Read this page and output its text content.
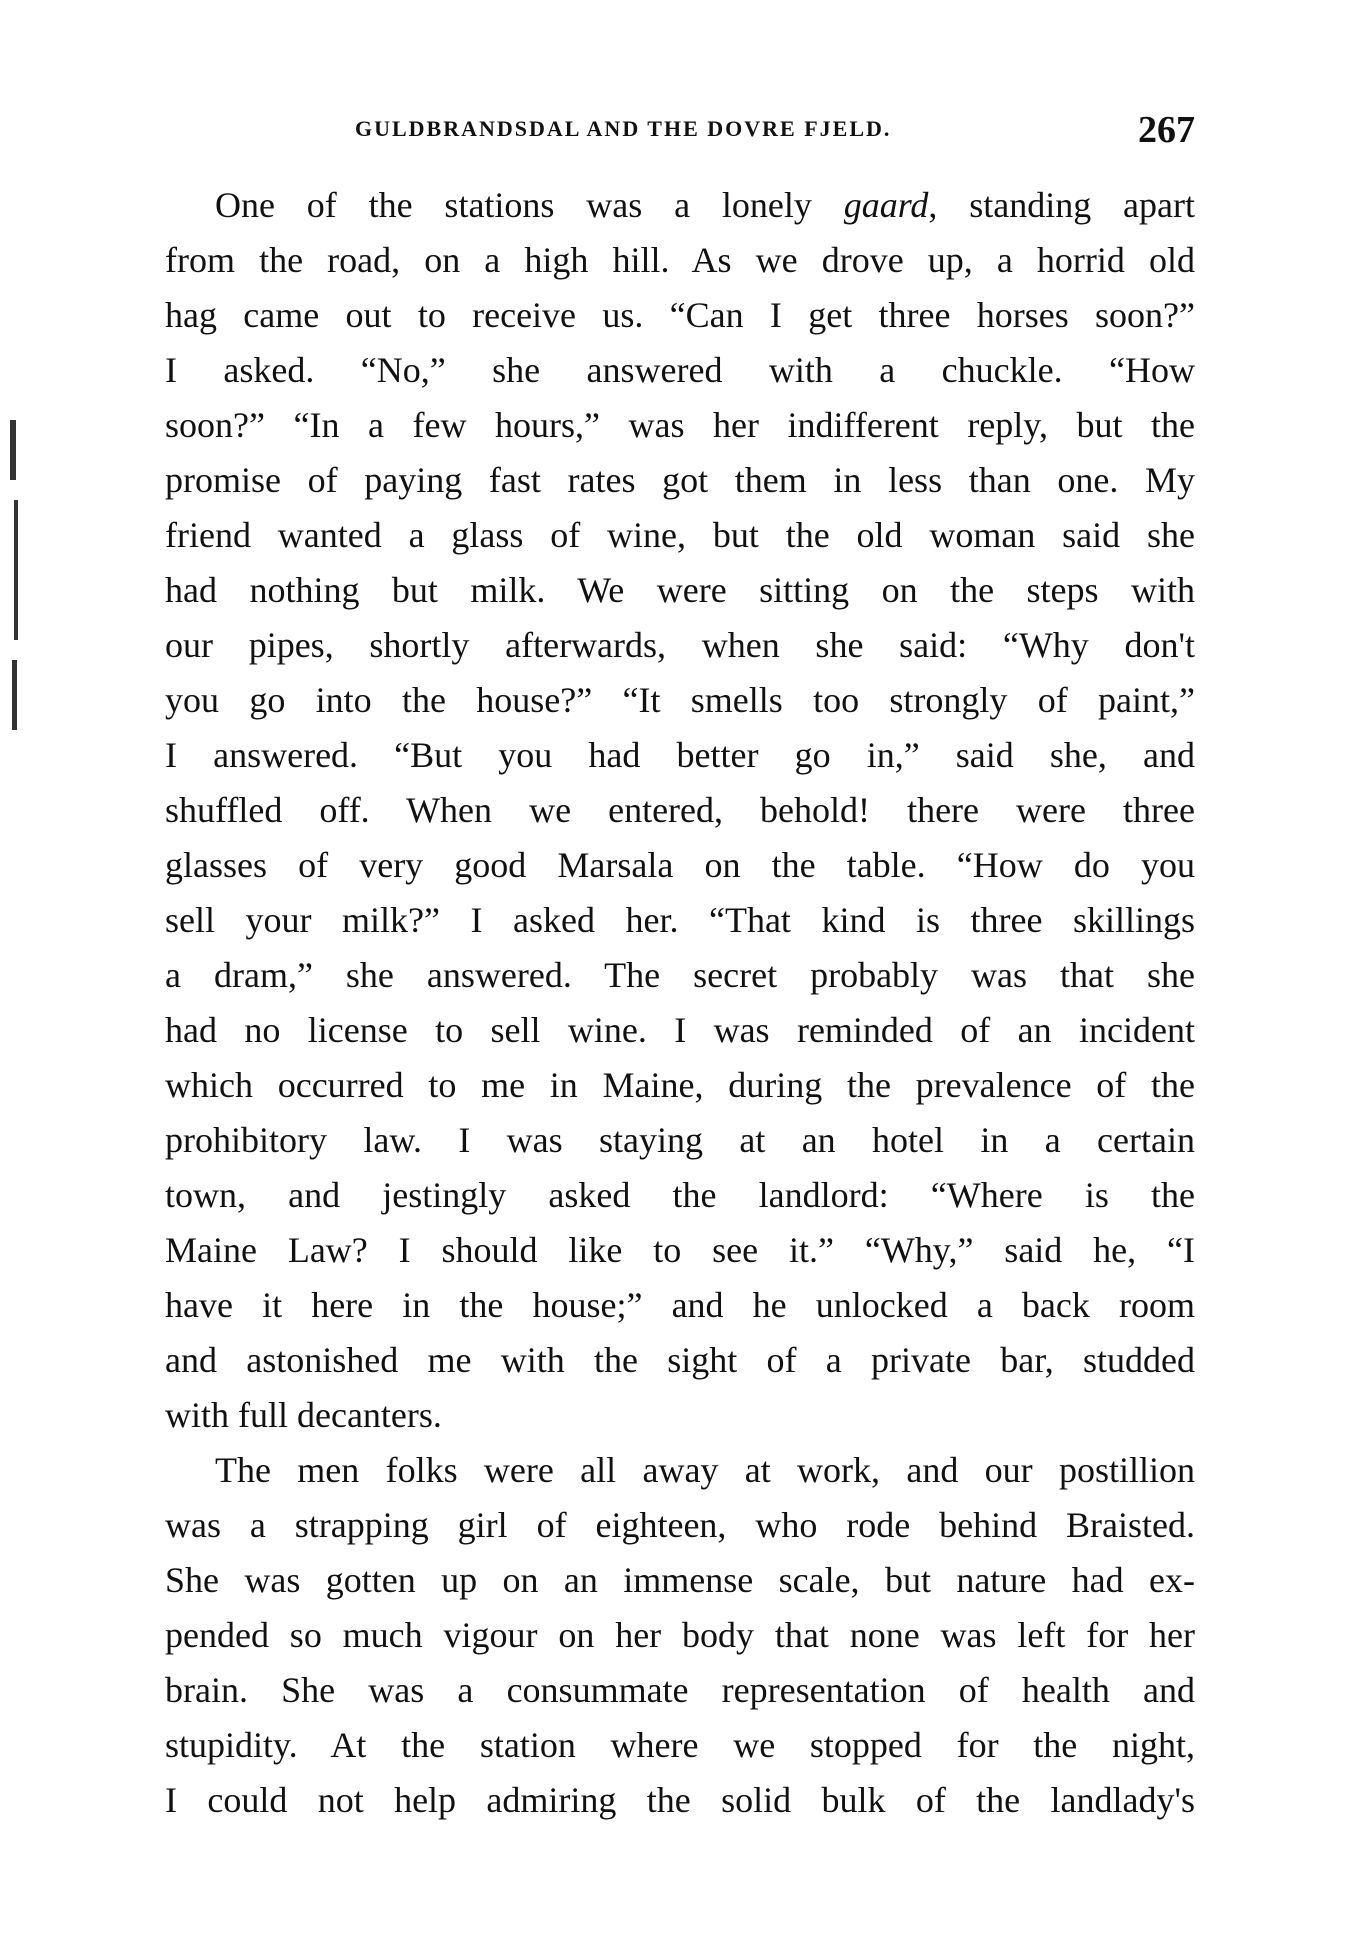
GULDBRANDSDAL AND THE DOVRE FJELD.	267
One of the stations was a lonely gaard, standing apart
from the road, on a high hill. As we drove up, a horrid old
hag came out to receive us. “Can I get three horses soon?”
I asked. “No,” she answered with a chuckle. “How
soon?” “In a few hours,” was her indifferent reply, but the
promise of paying fast rates got them in less than one. My
friend wanted a glass of wine, but the old woman said she
had nothing but milk. We were sitting on the steps with
our pipes, shortly afterwards, when she said: “Why don't
you go into the house?” “It smells too strongly of paint,”
I answered. “But you had better go in,” said she, and
shuffled off. When we entered, behold! there were three
glasses of very good Marsala on the table. “How do you
sell your milk?” I asked her. “That kind is three skillings
a dram,” she answered. The secret probably was that she
had no license to sell wine. I was reminded of an incident
which occurred to me in Maine, during the prevalence of the
prohibitory law. I was staying at an hotel in a certain
town, and jestingly asked the landlord: “Where is the
Maine Law? I should like to see it.” “Why,” said he, “I
have it here in the house;” and he unlocked a back room
and astonished me with the sight of a private bar, studded
with full decanters.
The men folks were all away at work, and our postillion
was a strapping girl of eighteen, who rode behind Braisted.
She was gotten up on an immense scale, but nature had ex-
pended so much vigour on her body that none was left for her
brain. She was a consummate representation of health and
stupidity. At the station where we stopped for the night,
I could not help admiring the solid bulk of the landlady's
